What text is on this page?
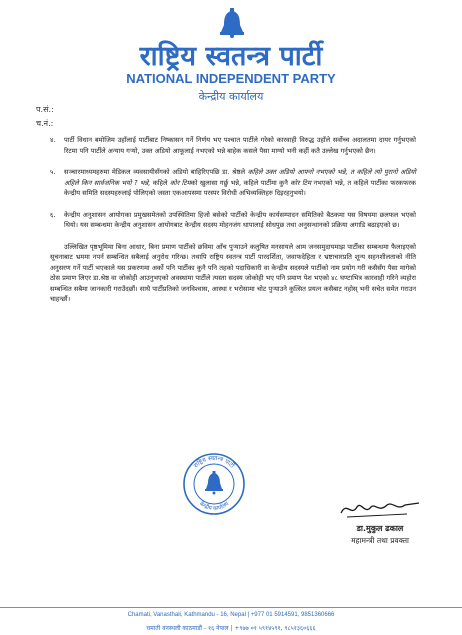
राष्ट्रिय स्वतन्त्र पार्टी
NATIONAL INDEPENDENT PARTY
केन्द्रीय कार्यालय
प.सं.:
च.नं.:
४. पार्टी विधान बमोजिम उहाँलाई पार्टीबाट निष्कासन गर्ने निर्णय भए पश्चात पार्टीले गरेको कारवाही विरुद्ध उहाँले सर्वोच्च अदालतमा दायर गर्नुभएको रिटमा पनि पार्टीले अन्याय गर्‍यो, उक्त अडियो आफूलाई नभएको भन्ने बाहेक कसले पैसा माग्यो भनी कहीं कतै उल्लेख गर्नुभएको छैन।
५. सञ्चारमाध्यमहरुमा मेडिकल व्यवसायीसँगको अडियो बाहिरिएपछि डा. श्रेष्ठले कहिले उक्त अडियो आफ्नो नभएको भन्ने, त कहिले त्यो पुरानो अडियो अहिले किन सार्वजनिक भयो ? भन्ने, कहिले कोर टिमको खुलासा गर्छु भन्ने, कहिले पार्टीमा कुनै कोर टिम नभएको भन्ने, त कहिले पार्टीका फरकफरक केन्द्रीय समिति सदस्यहरुलाई पोलिएको जस्ता एकआपसमा परस्पर विरोधी अभिव्यक्तिहरु दिइरहनुभयो।
६. केन्द्रीय अनुशासन आयोगका प्रमुखसमेतको उपस्थितिमा हिजो बसेको पार्टीको केन्द्रीय कार्यसम्पादन समितिको बैठकमा यस विषयमा छलफल भएको थियो। यस सम्बन्धमा केन्द्रीय अनुशासन आयोगबाट केन्द्रीय सदस्य मोहनजंग थापालाई सोधपुछ तथा अनुसन्धानको प्रक्रिया अगाडि बढाइएको छ।
उल्लिखित पृष्ठभूमिमा बिना आधार, बिना प्रमाण पार्टीको छविमा आँच पुऱ्याउने कलुषित मनसायले आम जनसमुदायमाझ पार्टीका सम्बन्धमा फैलाइएको सूचनाबाट भ्रममा नपर्न सम्बन्धित सबैलाई अनुरोध गरिन्छ। तथापि राष्ट्रिय स्वतन्त्र पार्टी पारदर्शिता, जवाफदेहिता र भ्रष्टाचारप्रति शून्य सहनशीलताको नीति अनुसरण गर्ने पार्टी भएकाले यस प्रकरणमा अर्को पनि पार्टीका कुनै पनि तहको पदाधिकारी वा केन्द्रीय सदस्यले पार्टीको नाम प्रयोग गरी कसैसँग पैसा मागेको ठोस प्रमाण लिएर डा.श्रेष्ठ वा जोकोही आउनुभएको अवस्थामा पार्टीले त्यस्ता सदस्य जोकोही भए पनि प्रमाण पेश भएको ४८ घण्टाभित्र कारवाही गरिने व्यहोरा सम्बन्धित सबैमा जानकारी गराउँदछौं। साथै पार्टीप्रतिको जनविश्वास, आस्था र भरोसामा चोट पुऱ्याउने कुत्सित प्रयत्न कसैबाट नहोस् भनी सचेत समेत गराउन चाहन्छौं।
राष्ट्रिय स्वतन्त्र पार्टी
केन्द्रीय कार्यालय
डा.मुकुल ढकाल
महामन्त्री तथा प्रवक्ता
Chamati, Vanasthali, Kathmandu - 16, Nepal | +977 01 5914591, 9851360666
चमाती वनस्थली काठमाडौं - १६ नेपाल | +९७७ ०१ ५९१४५९१, ९८५१३६०६६६
